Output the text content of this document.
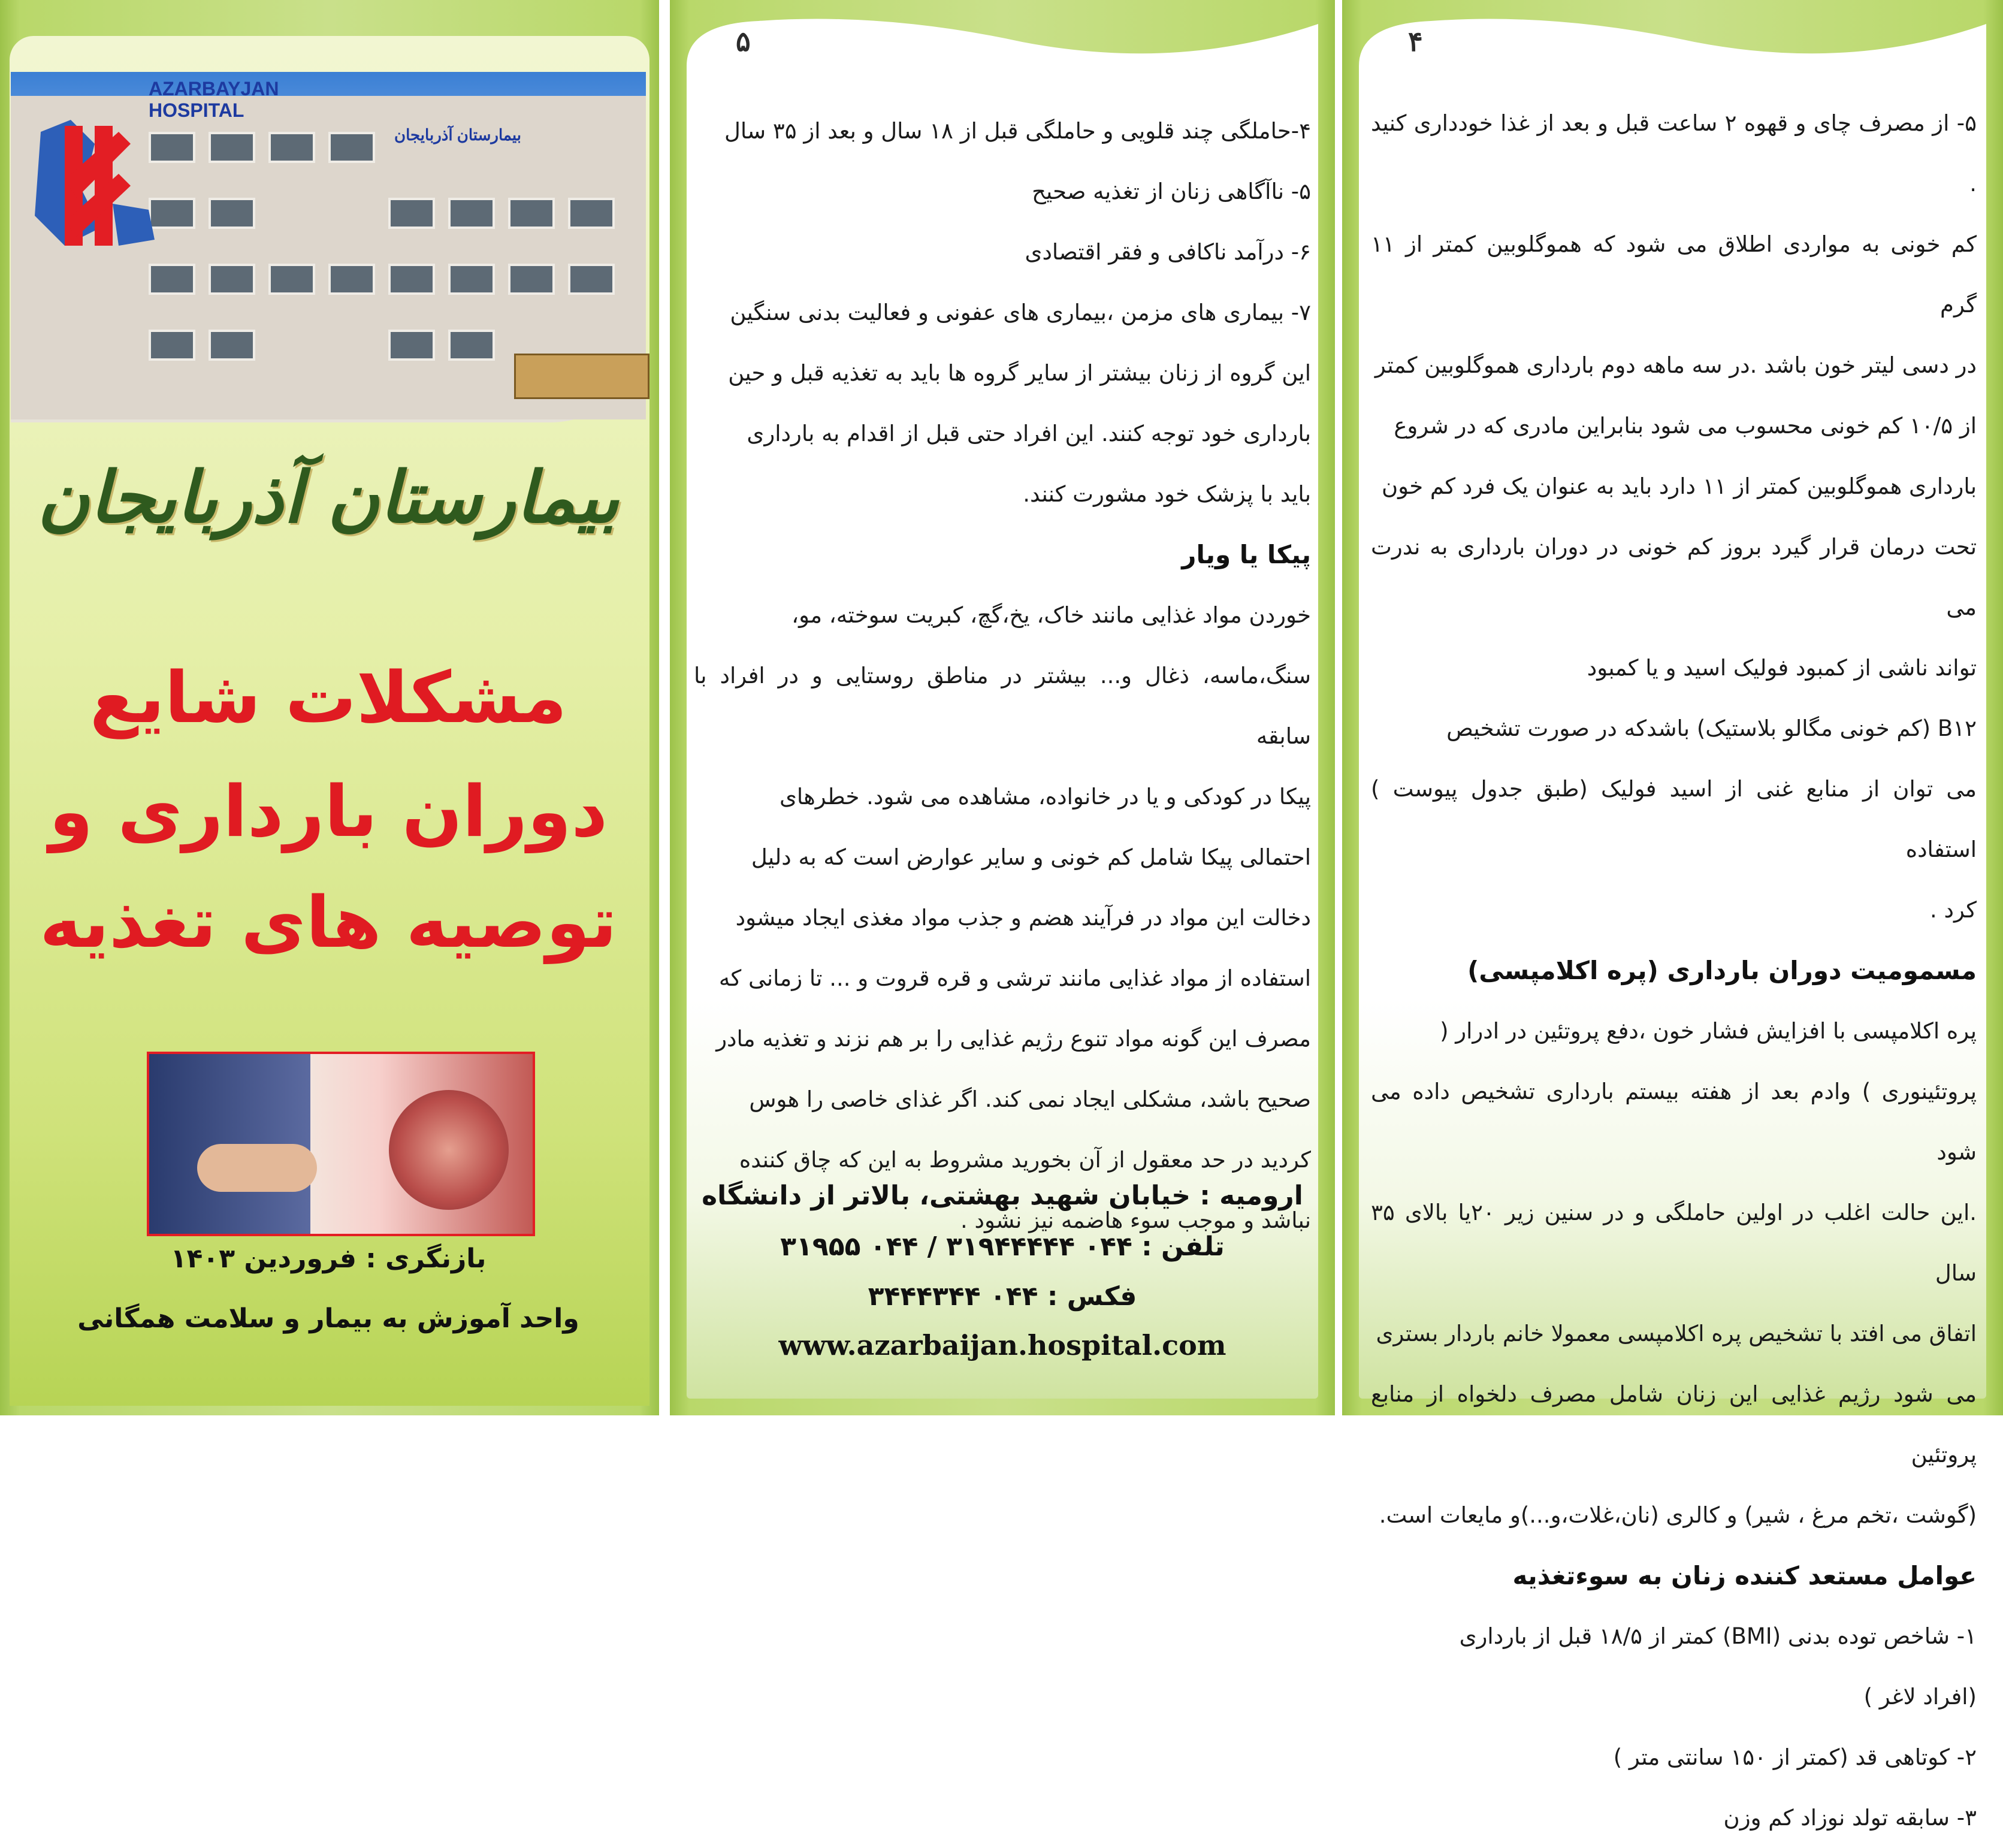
AZARBAYJAN HOSPITAL
بیمارستان آذربایجان
بیمارستان آذربایجان
مشکلات شایع
دوران بارداری و
توصیه های تغذیه
بازنگری : فروردین ۱۴۰۳
واحد آموزش به بیمار و سلامت همگانی
۵

۴-حاملگی چند قلویی و حاملگی قبل از ۱۸ سال و بعد از ۳۵ سال

۵- ناآگاهی زنان از تغذیه صحیح

۶- درآمد ناکافی و فقر اقتصادی

۷- بیماری های مزمن ،بیماری های عفونی و فعالیت بدنی سنگین

این گروه از زنان بیشتر از سایر گروه ها باید به تغذیه قبل و حین

بارداری خود توجه کنند. این افراد حتی قبل از اقدام به بارداری

باید با پزشک خود مشورت کنند.

پیکا یا ویار

خوردن مواد غذایی مانند خاک، یخ،گچ، کبریت سوخته، مو،

سنگ،ماسه، ذغال و... بیشتر در مناطق روستایی و در افراد با سابقه

پیکا در کودکی و یا در خانواده، مشاهده می شود. خطرهای

احتمالی پیکا شامل کم خونی و سایر عوارض است که به دلیل

دخالت این مواد در فرآیند هضم و جذب مواد مغذی ایجاد میشود

استفاده از مواد غذایی مانند ترشی و قره قروت و ... تا زمانی که

مصرف این گونه مواد تنوع رژیم غذایی را بر هم نزند و تغذیه مادر

صحیح باشد، مشکلی ایجاد نمی کند. اگر غذای خاصی را هوس

کردید در حد معقول از آن بخورید مشروط به این که چاق کننده

نباشد و موجب سوء هاضمه نیز نشود .

ارومیه : خیابان شهید بهشتی، بالاتر از دانشگاه
تلفن : ۰۴۴ ۳۱۹۴۴۴۴۴ / ۰۴۴ ۳۱۹۵۵
فکس : ۰۴۴ ۳۴۴۴۳۴۴
www.azarbaijan.hospital.com
۴

۵- از مصرف چای و قهوه ۲ ساعت قبل و بعد از غذا خودداری کنید .

کم خونی به مواردی اطلاق می شود که هموگلوبین کمتر از ۱۱ گرم

در دسی لیتر خون باشد .در سه ماهه دوم بارداری هموگلوبین کمتر

از ۱۰/۵ کم خونی محسوب می شود بنابراین مادری که در شروع

بارداری هموگلوبین کمتر از ۱۱ دارد باید به عنوان یک فرد کم خون

تحت درمان قرار گیرد بروز کم خونی در دوران بارداری به ندرت می

تواند ناشی از کمبود فولیک اسید و یا کمبود

B۱۲ (کم خونی مگالو بلاستیک) باشدکه در صورت تشخیص

می توان از منابع غنی از اسید فولیک (طبق جدول پیوست ) استفاده

کرد .

مسمومیت دوران بارداری (پره اکلامپسی)

پره اکلامپسی با افزایش فشار خون ،دفع پروتئین در ادرار (

پروتئینوری ) وادم بعد از هفته بیستم بارداری تشخیص داده می شود

.این حالت اغلب در اولین حاملگی و در سنین زیر ۲۰یا بالای ۳۵ سال

اتفاق می افتد با تشخیص پره اکلامپسی معمولا خانم باردار بستری

می شود رژیم غذایی این زنان شامل مصرف دلخواه از منابع پروتئین

(گوشت ،تخم مرغ ، شیر) و کالری (نان،غلات،و...)و مایعات است.

عوامل مستعد کننده زنان به سوءتغذیه

۱- شاخص توده بدنی (BMI) کمتر از ۱۸/۵ قبل از بارداری

(افراد لاغر )

۲- کوتاهی قد (کمتر از ۱۵۰ سانتی متر )

۳- سابقه تولد نوزاد کم وزن
